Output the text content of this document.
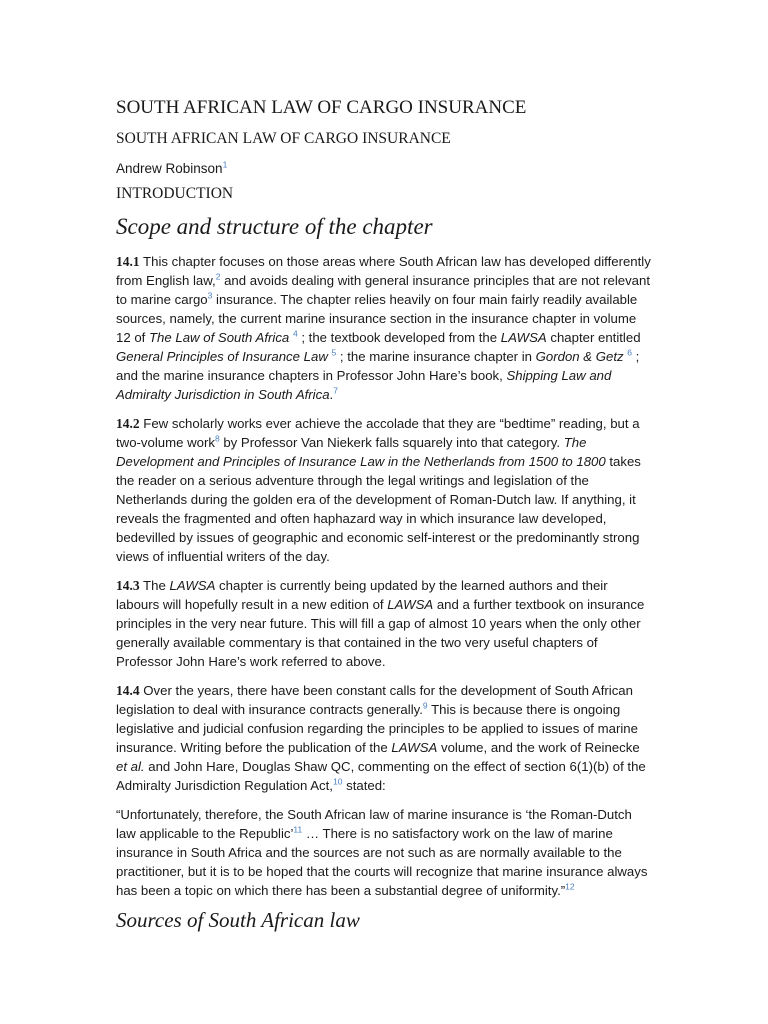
SOUTH AFRICAN LAW OF CARGO INSURANCE
SOUTH AFRICAN LAW OF CARGO INSURANCE

Andrew Robinson$^1$

INTRODUCTION
Scope and structure of the chapter

14.1 This chapter focuses on those areas where South African law has developed differently from English law,$^2$ and avoids dealing with general insurance principles that are not relevant to marine cargo$^3$ insurance. The chapter relies heavily on four main fairly readily available sources, namely, the current marine insurance section in the insurance chapter in volume 12 of The Law of South Africa $^4$ ; the textbook developed from the LAWSA chapter entitled General Principles of Insurance Law $^5$ ; the marine insurance chapter in Gordon & Getz $^6$ ; and the marine insurance chapters in Professor John Hare’s book, Shipping Law and Admiralty Jurisdiction in South Africa.$^7$

14.2 Few scholarly works ever achieve the accolade that they are “bedtime” reading, but a two-volume work$^8$ by Professor Van Niekerk falls squarely into that category. The Development and Principles of Insurance Law in the Netherlands from 1500 to 1800 takes the reader on a serious adventure through the legal writings and legislation of the Netherlands during the golden era of the development of Roman-Dutch law. If anything, it reveals the fragmented and often haphazard way in which insurance law developed, bedevilled by issues of geographic and economic self-interest or the predominantly strong views of influential writers of the day.

14.3 The LAWSA chapter is currently being updated by the learned authors and their labours will hopefully result in a new edition of LAWSA and a further textbook on insurance principles in the very near future. This will fill a gap of almost 10 years when the only other generally available commentary is that contained in the two very useful chapters of Professor John Hare’s work referred to above.

14.4 Over the years, there have been constant calls for the development of South African legislation to deal with insurance contracts generally.$^9$ This is because there is ongoing legislative and judicial confusion regarding the principles to be applied to issues of marine insurance. Writing before the publication of the LAWSA volume, and the work of Reinecke et al. and John Hare, Douglas Shaw QC, commenting on the effect of section 6(1)(b) of the Admiralty Jurisdiction Regulation Act,$^{10}$ stated:

“Unfortunately, therefore, the South African law of marine insurance is ‘the Roman-Dutch law applicable to the Republic’$^{11}$ … There is no satisfactory work on the law of marine insurance in South Africa and the sources are not such as are normally available to the practitioner, but it is to be hoped that the courts will recognize that marine insurance always has been a topic on which there has been a substantial degree of uniformity.”$^{12}$

Sources of South African law
